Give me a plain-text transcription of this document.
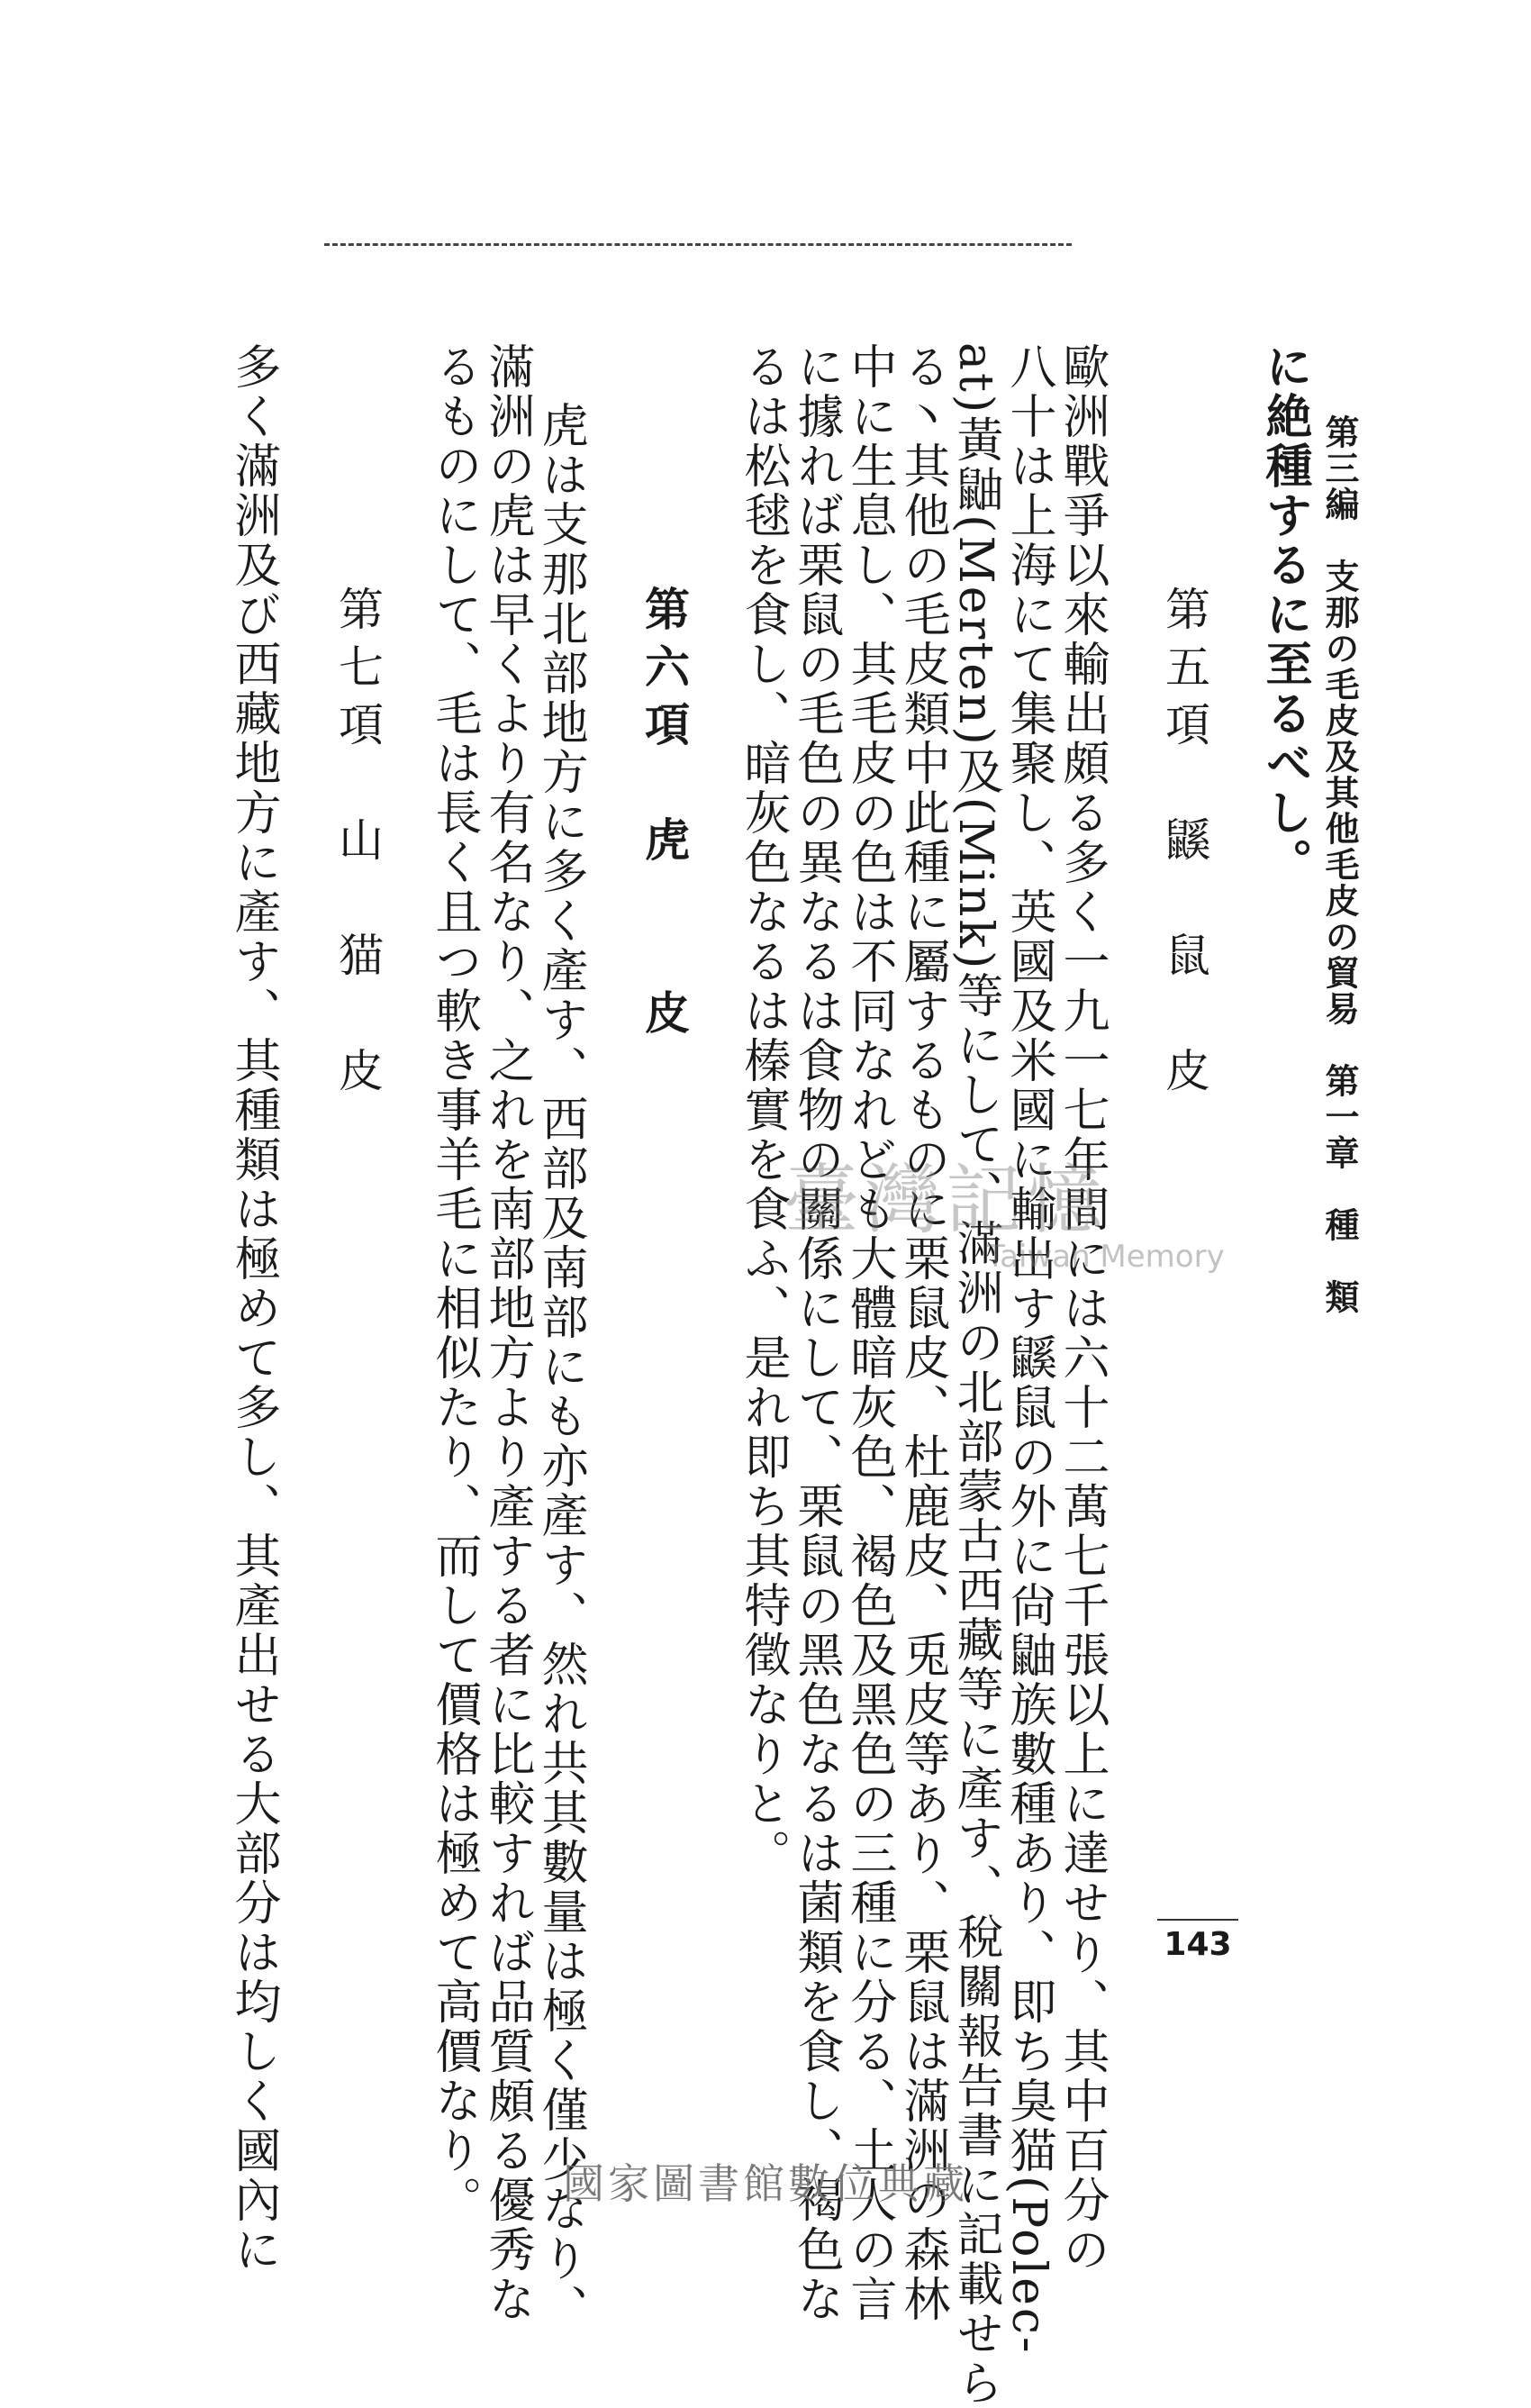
第三編　支那の毛皮及其他毛皮の貿易　第一章　種　類
に絶種するに至るべし。
第五項　鼷　鼠　皮
歐洲戰爭以來輸出頗る多く一九一七年間には六十二萬七千張以上に達せり、其中百分の
八十は上海にて集聚し、英國及米國に輸出す鼷鼠の外に尙鼬族數種あり、即ち臭猫(Polec-
at)黃鼬(Merten)及(Mink)等にして、滿洲の北部蒙古西藏等に產す、稅關報告書に記載せら
る丶其他の毛皮類中此種に屬するものに栗鼠皮、杜鹿皮、兎皮等あり、栗鼠は滿洲の森林
中に生息し、其毛皮の色は不同なれども大體暗灰色、褐色及黑色の三種に分る、土人の言
に據れば栗鼠の毛色の異なるは食物の關係にして、栗鼠の黑色なるは菌類を食し、褐色な
るは松毬を食し、暗灰色なるは榛實を食ふ、是れ即ち其特徵なりと。
第六項　虎　　皮
虎は支那北部地方に多く產す、西部及南部にも亦產す、然れ共其數量は極く僅少なり、
滿洲の虎は早くより有名なり、之れを南部地方より產する者に比較すれば品質頗る優秀な
るものにして、毛は長く且つ軟き事羊毛に相似たり、而して價格は極めて高價なり。
第七項　山　猫　皮
多く滿洲及び西藏地方に產す、其種類は極めて多し、其產出せる大部分は均しく國內に	臺灣記憶
Taiwan Memory
143
國家圖書館數位典藏
